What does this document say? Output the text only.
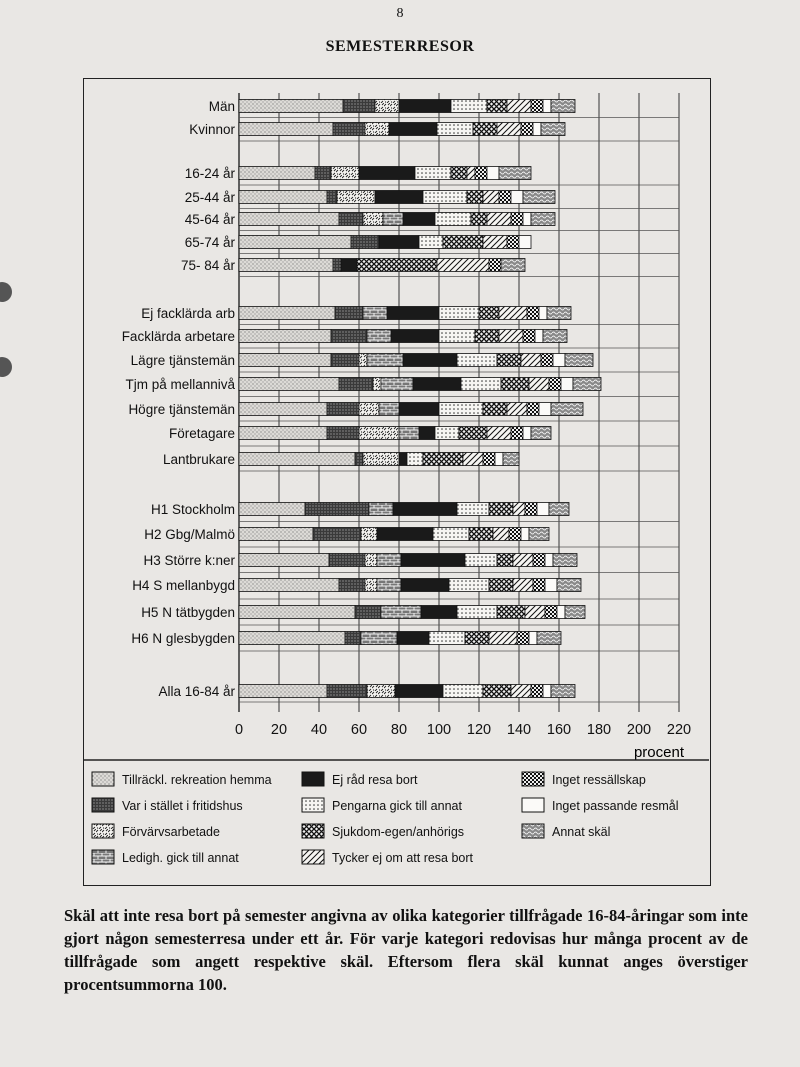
8
SEMESTERRESOR
Män
Kvinnor
16-24 år
25-44 år
45-64 år
65-74 år
75- 84 år
Ej facklärda arb
Facklärda arbetare
Lägre tjänstemän
Tjm på mellannivå
Högre tjänstemän
Företagare
Lantbrukare
H1 Stockholm
H2 Gbg/Malmö
H3 Större k:ner
H4 S mellanbygd
H5 N tätbygden
H6 N glesbygden
Alla 16-84 år
0 20 40 60 80 100 120 140 160 180 200 220
procent
Tillräckl. rekreation hemma
Var i stället i fritidshus
Förvärvsarbetade
Ledigh. gick till annat
Ej råd resa bort
Pengarna gick till annat
Sjukdom-egen/anhörigs
Tycker ej om att resa bort
Inget ressällskap
Inget passande resmål
Annat skäl
Skäl att inte resa bort på semester angivna av olika kategorier tillfrågade 16-84-åringar som inte gjort någon semesterresa under ett år. För varje kategori redovisas hur många procent av de tillfrågade som angett respektive skäl. Eftersom flera skäl kunnat anges överstiger procentsummorna 100.
